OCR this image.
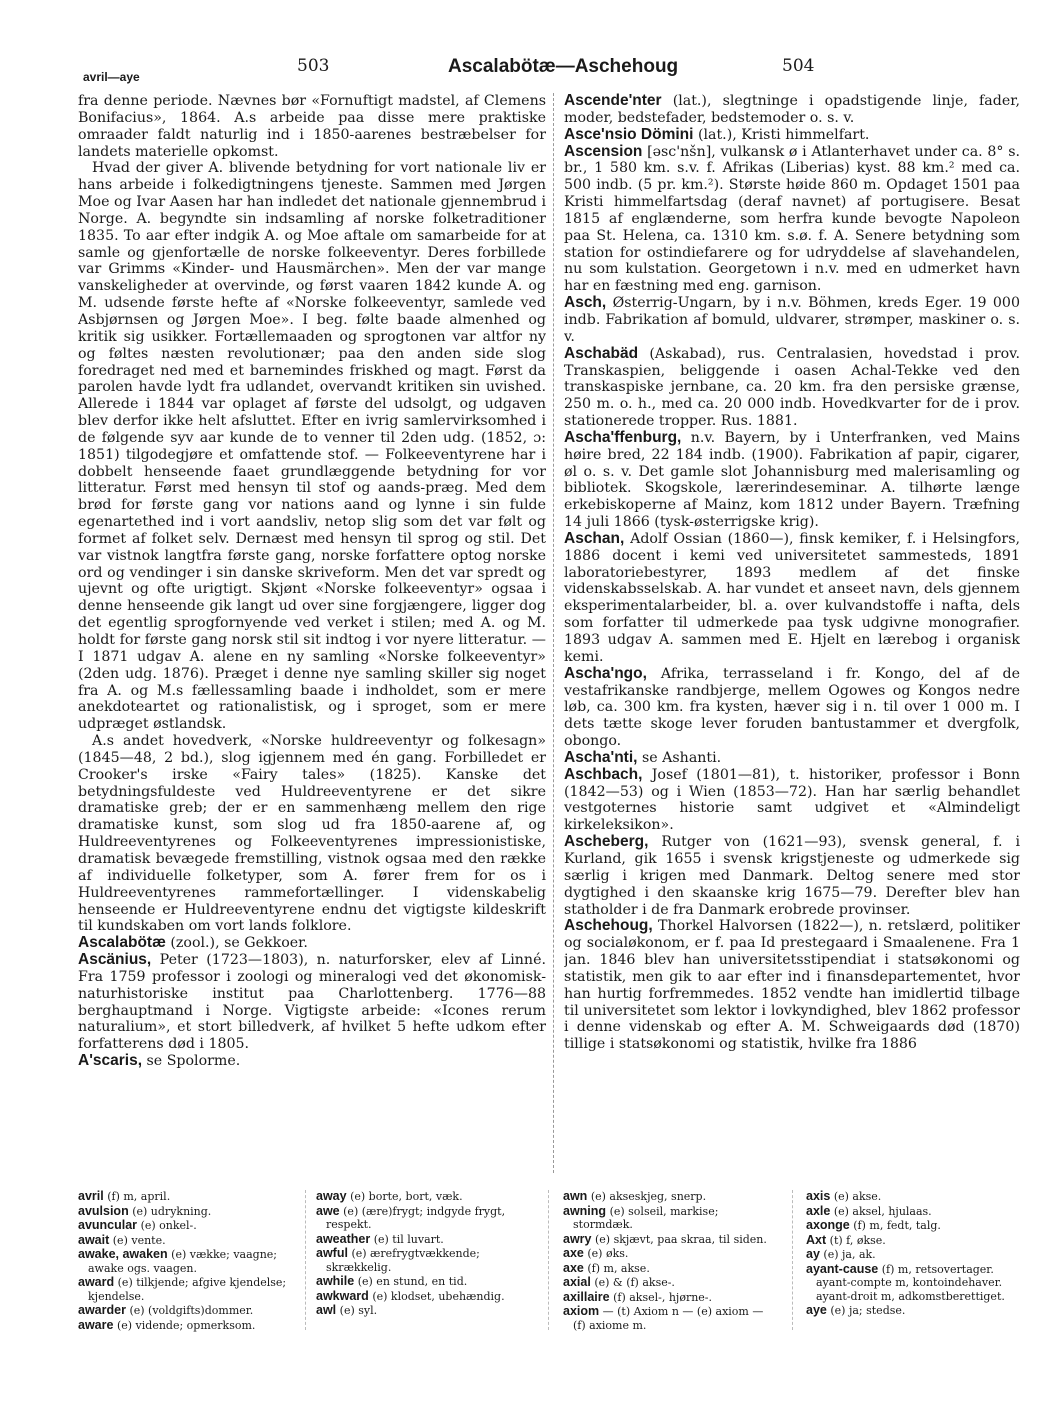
503	Ascalabötæ—Aschehoug	504
avril—aye

fra denne periode. Nævnes bør «Fornuftigt madstel, af Clemens Bonifacius», 1864. A.s arbeide paa disse mere praktiske omraader faldt naturlig ind i 1850-aarenes bestræbelser for landets materielle opkomst.

Hvad der giver A. blivende betydning for vort nationale liv er hans arbeide i folkedigtningens tjeneste. Sammen med Jørgen Moe og Ivar Aasen har han indledet det nationale gjennembrud i Norge. A. begyndte sin indsamling af norske folketraditioner 1835. To aar efter indgik A. og Moe aftale om samarbeide for at samle og gjenfortælle de norske folkeeventyr. Deres forbillede var Grimms «Kinder- und Hausmärchen». Men der var mange vanskeligheder at overvinde, og først vaaren 1842 kunde A. og M. udsende første hefte af «Norske folkeeventyr, samlede ved Asbjørnsen og Jørgen Moe». I beg. følte baade almenhed og kritik sig usikker. Fortællemaaden og sprogtonen var altfor ny og føltes næsten revolutionær; paa den anden side slog foredraget ned med et barnemindes friskhed og magt. Først da parolen havde lydt fra udlandet, overvandt kritiken sin uvished. Allerede i 1844 var oplaget af første del udsolgt, og udgaven blev derfor ikke helt afsluttet. Efter en ivrig samlervirksomhed i de følgende syv aar kunde de to venner til 2den udg. (1852, ɔ: 1851) tilgodegjøre et omfattende stof. — Folkeeventyrene har i dobbelt henseende faaet grundlæggende betydning for vor litteratur. Først med hensyn til stof og aands-præg. Med dem brød for første gang vor nations aand og lynne i sin fulde egenartethed ind i vort aandsliv, netop slig som det var følt og formet af folket selv. Dernæst med hensyn til sprog og stil. Det var vistnok langtfra første gang, norske forfattere optog norske ord og vendinger i sin danske skriveform. Men det var spredt og ujevnt og ofte urigtigt. Skjønt «Norske folkeeventyr» ogsaa i denne henseende gik langt ud over sine forgjængere, ligger dog det egentlig sprogfornyende ved verket i stilen; med A. og M. holdt for første gang norsk stil sit indtog i vor nyere litteratur. — I 1871 udgav A. alene en ny samling «Norske folkeeventyr» (2den udg. 1876). Præget i denne nye samling skiller sig noget fra A. og M.s fællessamling baade i indholdet, som er mere anekdoteartet og rationalistisk, og i sproget, som er mere udpræget østlandsk.

A.s andet hovedverk, «Norske huldreeventyr og folkesagn» (1845—48, 2 bd.), slog igjennem med én gang. Forbilledet er Crooker's irske «Fairy tales» (1825). Kanske det betydningsfuldeste ved Huldreeventyrene er det sikre dramatiske greb; der er en sammenhæng mellem den rige dramatiske kunst, som slog ud fra 1850-aarene af, og Huldreeventyrenes og Folkeeventyrenes impressionistiske, dramatisk bevægede fremstilling, vistnok ogsaa med den række af individuelle folketyper, som A. fører frem for os i Huldreeventyrenes rammefortællinger. I videnskabelig henseende er Huldreeventyrene endnu det vigtigste kildeskrift til kundskaben om vort lands folklore.

Ascalabötæ (zool.), se Gekkoer.

Ascänius, Peter (1723—1803), n. naturforsker, elev af Linné. Fra 1759 professor i zoologi og mineralogi ved det økonomisk-naturhistoriske institut paa Charlottenberg. 1776—88 berghauptmand i Norge. Vigtigste arbeide: «Icones rerum naturalium», et stort billedverk, af hvilket 5 hefte udkom efter forfatterens død i 1805.

A'scaris, se Spolorme.

Ascende'nter (lat.), slegtninge i opadstigende linje, fader, moder, bedstefader, bedstemoder o. s. v.

Asce'nsio Dömini (lat.), Kristi himmelfart.

Ascension [əsc'nšn], vulkansk ø i Atlanterhavet under ca. 8° s. br., 1 580 km. s.v. f. Afrikas (Liberias) kyst. 88 km.² med ca. 500 indb. (5 pr. km.²). Største høide 860 m. Opdaget 1501 paa Kristi himmelfartsdag (deraf navnet) af portugisere. Besat 1815 af englænderne, som herfra kunde bevogte Napoleon paa St. Helena, ca. 1310 km. s.ø. f. A. Senere betydning som station for ostindiefarere og for udryddelse af slavehandelen, nu som kulstation. Georgetown i n.v. med en udmerket havn har en fæstning med eng. garnison.

Asch, Østerrig-Ungarn, by i n.v. Böhmen, kreds Eger. 19 000 indb. Fabrikation af bomuld, uldvarer, strømper, maskiner o. s. v.

Aschabäd (Askabad), rus. Centralasien, hovedstad i prov. Transkaspien, beliggende i oasen Achal-Tekke ved den transkaspiske jernbane, ca. 20 km. fra den persiske grænse, 250 m. o. h., med ca. 20 000 indb. Hovedkvarter for de i prov. stationerede tropper. Rus. 1881.

Ascha'ffenburg, n.v. Bayern, by i Unterfranken, ved Mains høire bred, 22 184 indb. (1900). Fabrikation af papir, cigarer, øl o. s. v. Det gamle slot Johannisburg med malerisamling og bibliotek. Skogskole, lærerindeseminar. A. tilhørte længe erkebiskoperne af Mainz, kom 1812 under Bayern. Træfning 14 juli 1866 (tysk-østerrigske krig).

Aschan, Adolf Ossian (1860—), finsk kemiker, f. i Helsingfors, 1886 docent i kemi ved universitetet sammesteds, 1891 laboratoriebestyrer, 1893 medlem af det finske videnskabsselskab. A. har vundet et anseet navn, dels gjennem eksperimentalarbeider, bl. a. over kulvandstoffe i nafta, dels som forfatter til udmerkede paa tysk udgivne monografier. 1893 udgav A. sammen med E. Hjelt en lærebog i organisk kemi.

Ascha'ngo, Afrika, terrasseland i fr. Kongo, del af de vestafrikanske randbjerge, mellem Ogowes og Kongos nedre løb, ca. 300 km. fra kysten, hæver sig i n. til over 1 000 m. I dets tætte skoge lever foruden bantustammer et dvergfolk, obongo.

Ascha'nti, se Ashanti.

Aschbach, Josef (1801—81), t. historiker, professor i Bonn (1842—53) og i Wien (1853—72). Han har særlig behandlet vestgoternes historie samt udgivet et «Almindeligt kirkeleksikon».

Ascheberg, Rutger von (1621—93), svensk general, f. i Kurland, gik 1655 i svensk krigstjeneste og udmerkede sig særlig i krigen med Danmark. Deltog senere med stor dygtighed i den skaanske krig 1675—79. Derefter blev han statholder i de fra Danmark erobrede provinser.

Aschehoug, Thorkel Halvorsen (1822—), n. retslærd, politiker og socialøkonom, er f. paa Id prestegaard i Smaalenene. Fra 1 jan. 1846 blev han universitetsstipendiat i statsøkonomi og statistik, men gik to aar efter ind i finansdepartementet, hvor han hurtig forfremmedes. 1852 vendte han imidlertid tilbage til universitetet som lektor i lovkyndighed, blev 1862 professor i denne videnskab og efter A. M. Schweigaards død (1870) tillige i statsøkonomi og statistik, hvilke fra 1886

avril (f) m, april.

avulsion (e) udrykning.

avuncular (e) onkel-.

await (e) vente.

awake, awaken (e) vække; vaagne; awake ogs. vaagen.

award (e) tilkjende; afgive kjendelse; kjendelse.

awarder (e) (voldgifts)dommer.

aware (e) vidende; opmerksom.

away (e) borte, bort, væk.

awe (e) (ære)frygt; indgyde frygt, respekt.

aweather (e) til luvart.

awful (e) ærefrygtvækkende; skrækkelig.

awhile (e) en stund, en tid.

awkward (e) klodset, ubehændig.

awl (e) syl.

awn (e) akseskjeg, snerp.

awning (e) solseil, markise; stormdæk.

awry (e) skjævt, paa skraa, til siden.

axe (e) øks.

axe (f) m, akse.

axial (e) & (f) akse-.

axillaire (f) aksel-, hjørne-.

axiom — (t) Axiom n — (e) axiom — (f) axiome m.

axis (e) akse.

axle (e) aksel, hjulaas.

axonge (f) m, fedt, talg.

Axt (t) f, økse.

ay (e) ja, ak.

ayant-cause (f) m, retsovertager. ayant-compte m, kontoindehaver. ayant-droit m, adkomstberettiget.

aye (e) ja; stedse.
